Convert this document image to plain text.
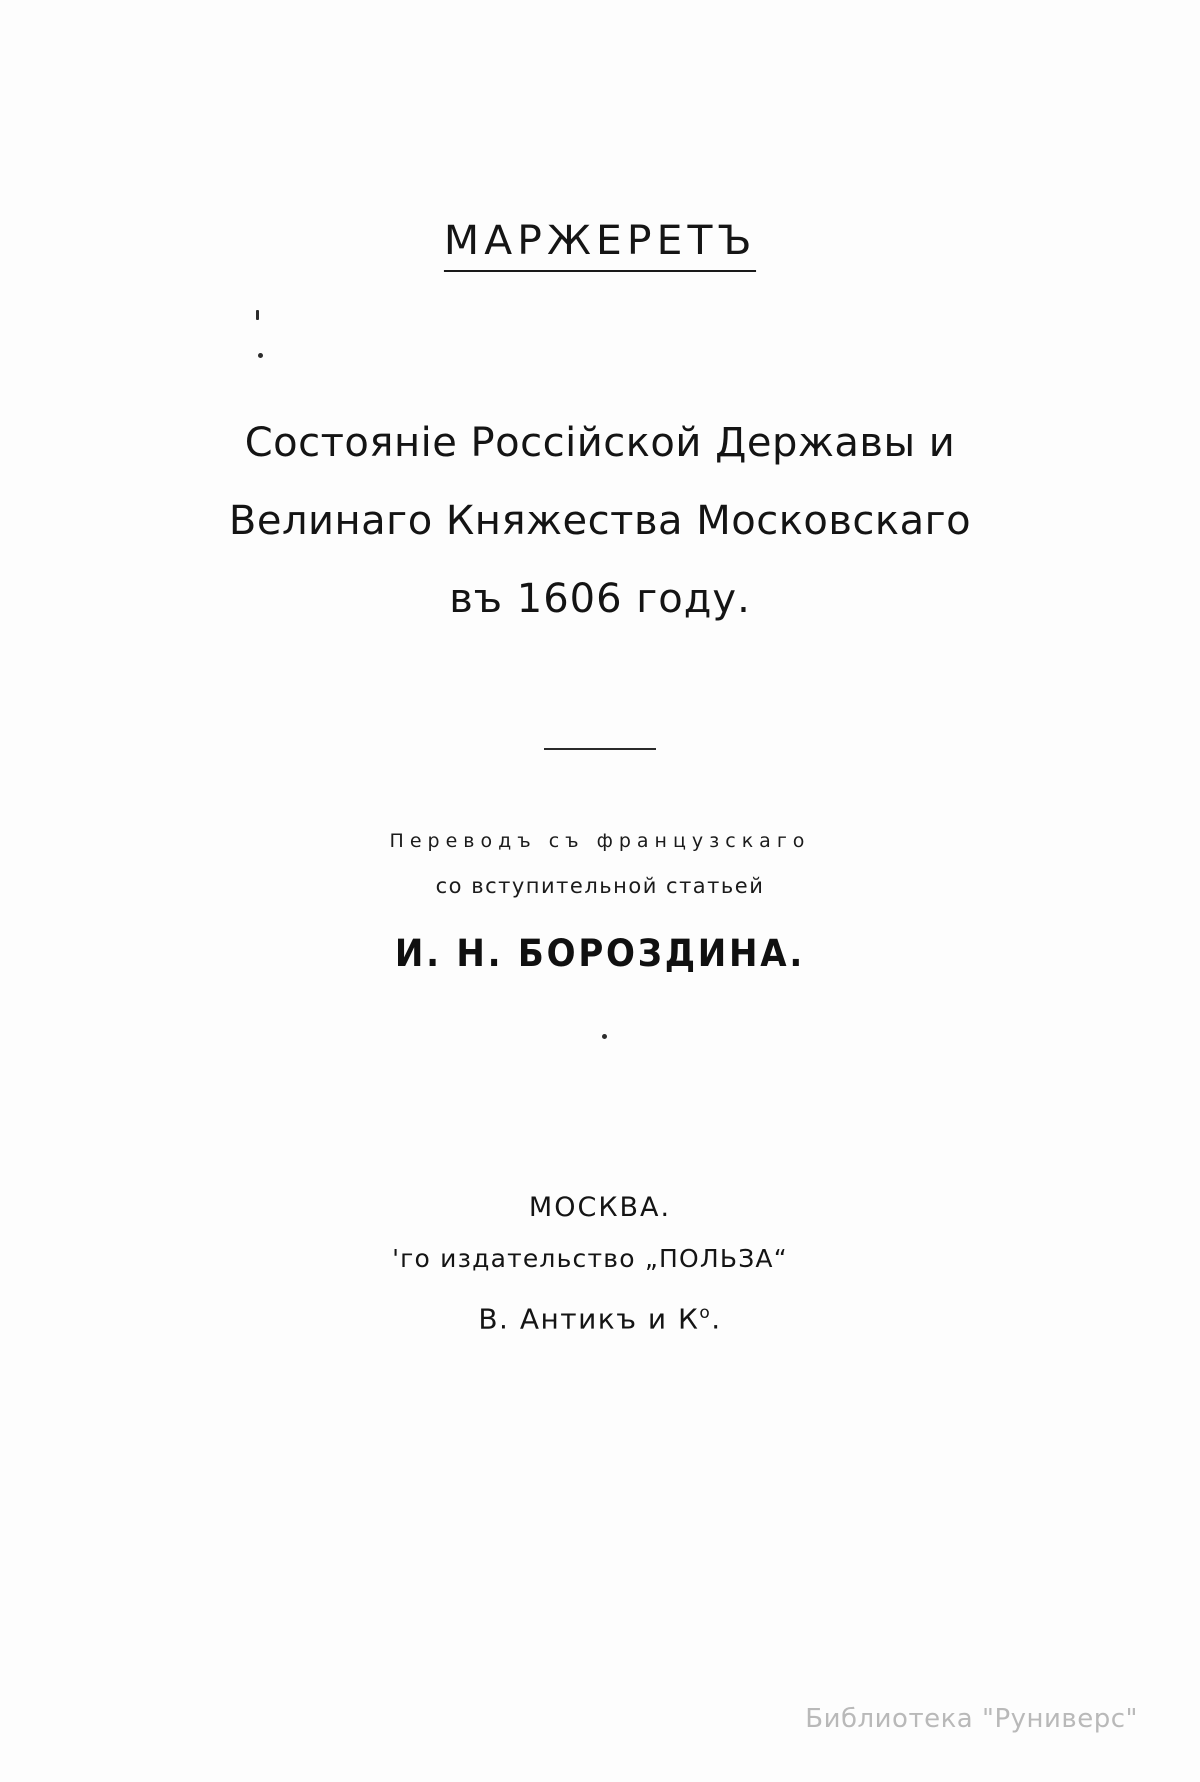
МАРЖЕРЕТЪ
Состоянiе Россiйской Державы и
Велинаго Княжества Московскаго
въ 1606 году.
Переводъ съ французскаго
со вступительной статьей
И. Н. БОРОЗДИНА.
МОСКВА.
'го издательство „ПОЛЬЗА“
В. Антикъ и $К^о$.
Библиотека "Руниверс"
